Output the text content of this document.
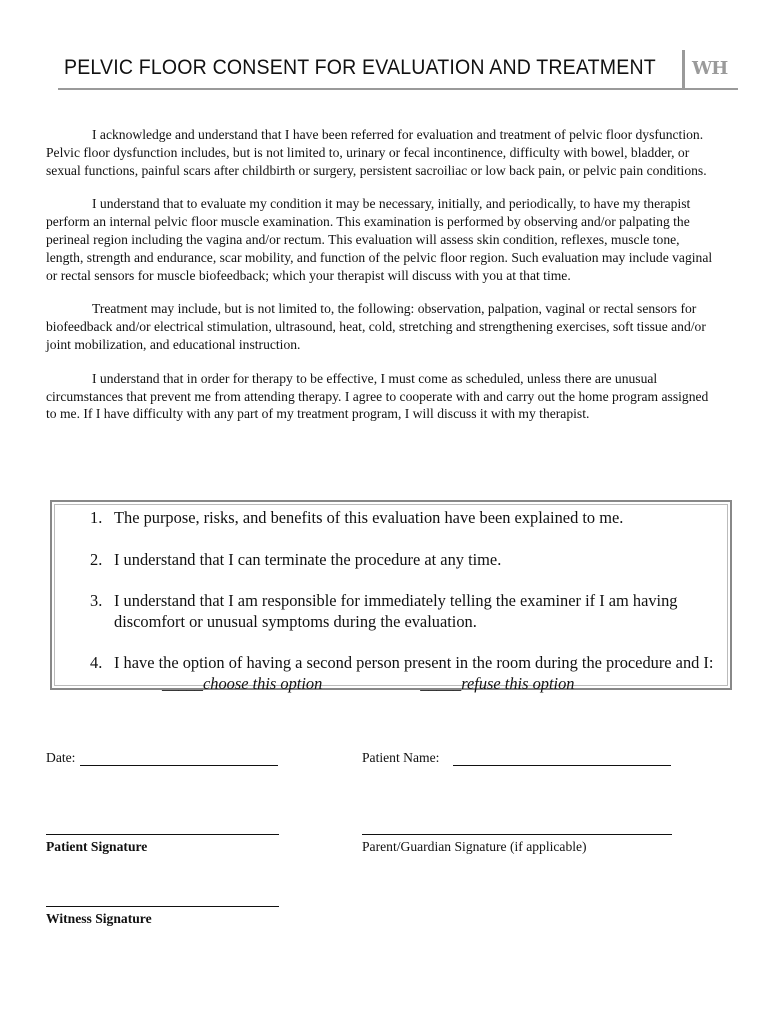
PELVIC FLOOR CONSENT FOR EVALUATION AND TREATMENT WH

I acknowledge and understand that I have been referred for evaluation and treatment of pelvic floor dysfunction. Pelvic floor dysfunction includes, but is not limited to, urinary or fecal incontinence, difficulty with bowel, bladder, or sexual functions, painful scars after childbirth or surgery, persistent sacroiliac or low back pain, or pelvic pain conditions.

I understand that to evaluate my condition it may be necessary, initially, and periodically, to have my therapist perform an internal pelvic floor muscle examination. This examination is performed by observing and/or palpating the perineal region including the vagina and/or rectum. This evaluation will assess skin condition, reflexes, muscle tone, length, strength and endurance, scar mobility, and function of the pelvic floor region. Such evaluation may include vaginal or rectal sensors for muscle biofeedback; which your therapist will discuss with you at that time.

Treatment may include, but is not limited to, the following: observation, palpation, vaginal or rectal sensors for biofeedback and/or electrical stimulation, ultrasound, heat, cold, stretching and strengthening exercises, soft tissue and/or joint mobilization, and educational instruction.

I understand that in order for therapy to be effective, I must come as scheduled, unless there are unusual circumstances that prevent me from attending therapy. I agree to cooperate with and carry out the home program assigned to me. If I have difficulty with any part of my treatment program, I will discuss it with my therapist.

1. The purpose, risks, and benefits of this evaluation have been explained to me.
2. I understand that I can terminate the procedure at any time.
3. I understand that I am responsible for immediately telling the examiner if I am having discomfort or unusual symptoms during the evaluation.
4. I have the option of having a second person present in the room during the procedure and I:_____choose this option	_____refuse this option
Date:	Patient Name:
Patient Signature	Parent/Guardian Signature (if applicable)
Witness Signature
